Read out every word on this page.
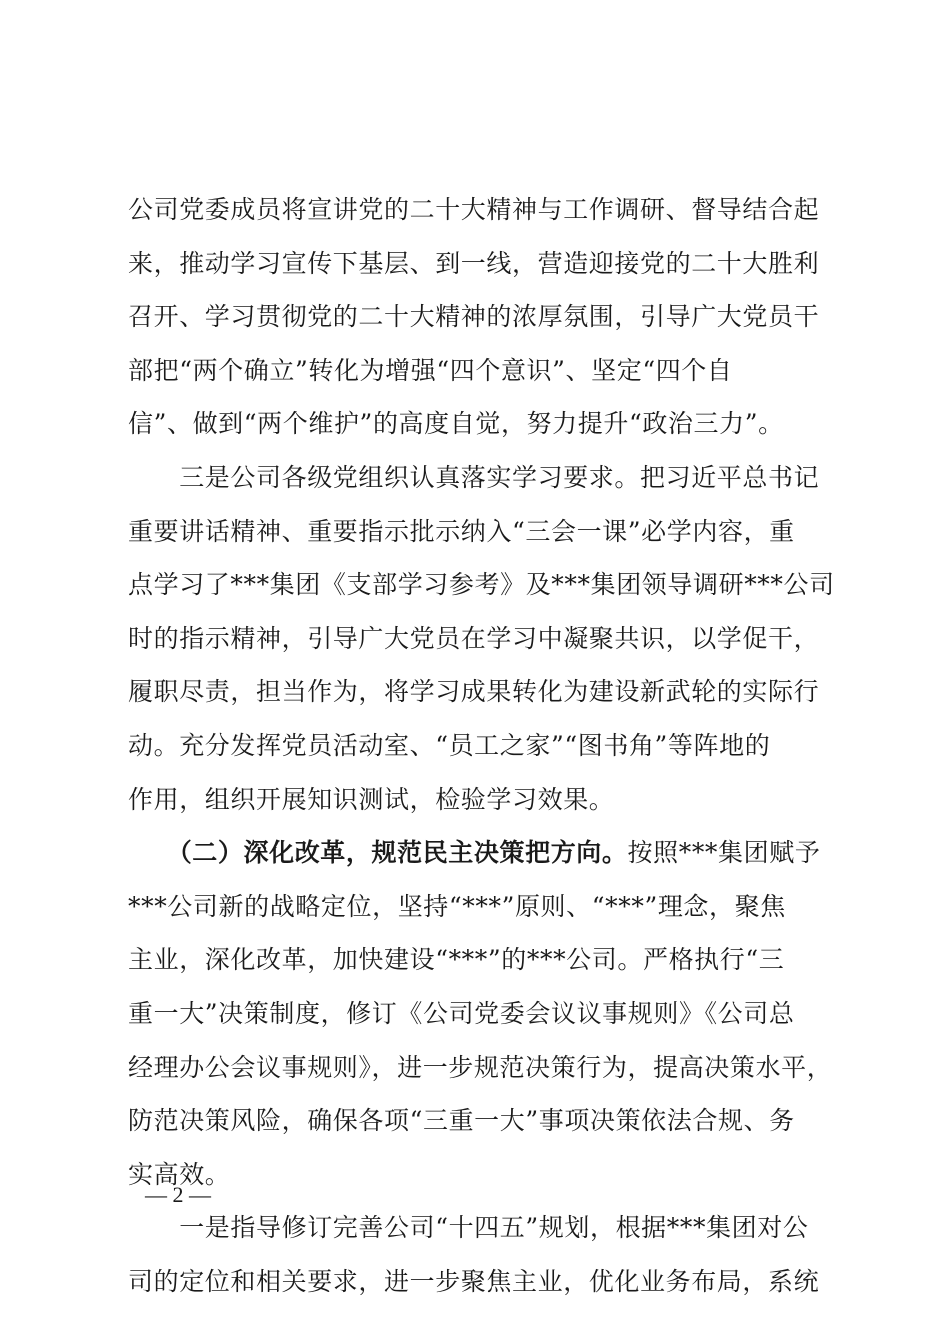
公司党委成员将宣讲党的二十大精神与工作调研、督导结合起
来，推动学习宣传下基层、到一线，营造迎接党的二十大胜利
召开、学习贯彻党的二十大精神的浓厚氛围，引导广大党员干
部把“两个确立”转化为增强“四个意识”、坚定“四个自
信”、做到“两个维护”的高度自觉，努力提升“政治三力”。
　　三是公司各级党组织认真落实学习要求。把习近平总书记
重要讲话精神、重要指示批示纳入“三会一课”必学内容，重
点学习了***集团《支部学习参考》及***集团领导调研***公司
时的指示精神，引导广大党员在学习中凝聚共识，以学促干，
履职尽责，担当作为，将学习成果转化为建设新武轮的实际行
动。充分发挥党员活动室、“员工之家”“图书角”等阵地的
作用，组织开展知识测试，检验学习效果。
　　（二）深化改革，规范民主决策把方向。按照***集团赋予
***公司新的战略定位，坚持“***”原则、“***”理念，聚焦
主业，深化改革，加快建设“***”的***公司。严格执行“三
重一大”决策制度，修订《公司党委会议议事规则》《公司总
经理办公会议事规则》，进一步规范决策行为，提高决策水平，
防范决策风险，确保各项“三重一大”事项决策依法合规、务
实高效。
　　一是指导修订完善公司“十四五”规划，根据***集团对公
司的定位和相关要求，进一步聚焦主业，优化业务布局，系统
— 2 —
